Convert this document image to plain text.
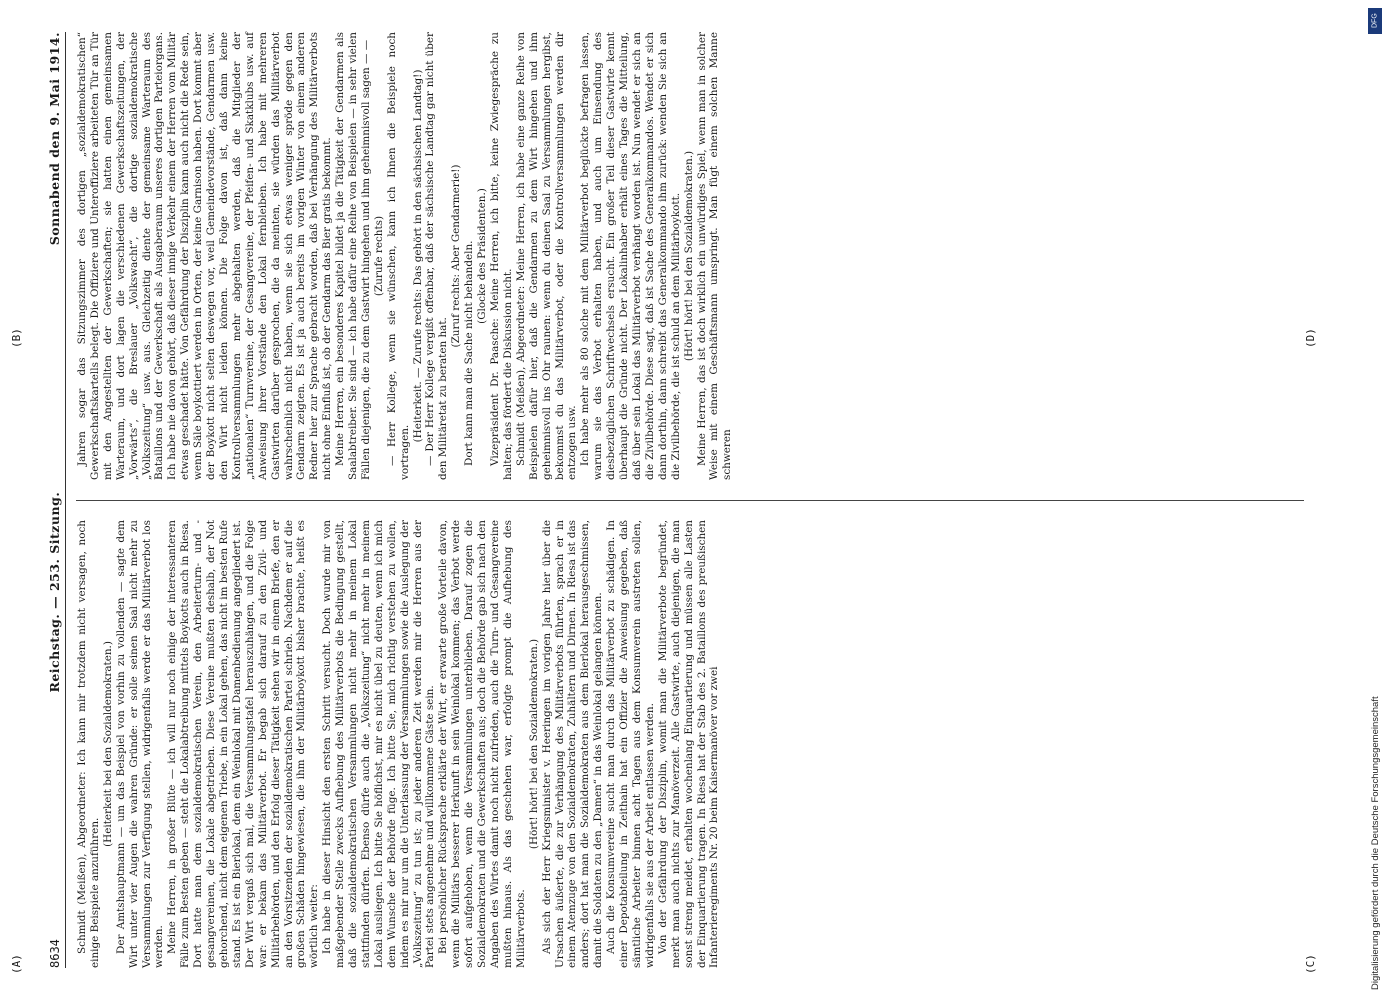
DFG
Digitalisierung gefördert durch die Deutsche Forschungsgemeinschaft
8634
Reichstag. — 253. Sitzung.
Sonnabend den 9. Mai 1914.

Schmidt (Meißen), Abgeordneter: Ich kann mir trotzdem nicht versagen, noch einige Beispiele anzuführen.

(Heiterkeit bei den Sozialdemokraten.) Der Amtshauptmann — um das Beispiel von vorhin zu vollenden — sagte dem Wirt unter vier Augen die wahren Gründe: er solle seinen Saal nicht mehr zu Versammlungen zur Verfügung stellen, widrigenfalls werde er das Militärverbot los werden. Meine Herren, in großer Blüte — ich will nur noch einige der interessanteren Fälle zum Besten geben — steht die Lokalabtreibung mittels Boykotts auch in Riesa. Dort hatte man dem sozialdemokratischen Verein, den Arbeiterturn- und -gesangvereinen, die Lokale abgetrieben. Diese Vereine mußten deshalb, der Not gehorchend, nicht dem eigenen Triebe, in ein Lokal gehen, das nicht im besten Rufe stand. Es ist ein Bierlokal, dem ein Weinlokal mit Damenbedienung angegliedert ist. Der Wirt vergaß sich mal, die Versammlungstafel herauszuhängen, und die Folge war: er bekam das Militärverbot. Er begab sich darauf zu den Zivil- und Militärbehörden, und den Erfolg dieser Tätigkeit sehen wir in einem Briefe, den er an den Vorsitzenden der sozialdemokratischen Partei schrieb. Nachdem er auf die großen Schäden hingewiesen, die ihm der Militärboykott bisher brachte, heißt es wörtlich weiter: Ich habe in dieser Hinsicht den ersten Schritt versucht. Doch wurde mir von maßgebender Stelle zwecks Aufhebung des Militärverbots die Bedingung gestellt, daß die sozialdemokratischen Versammlungen nicht mehr in meinem Lokal stattfinden dürfen. Ebenso dürfe auch die „Volkszeitung“ nicht mehr in meinem Lokal ausliegen. Ich bitte Sie höflichst, mir es nicht übel zu deuten, wenn ich mich dem Wunsche der Behörde füge. Ich bitte Sie, mich richtig verstehen zu wollen, indem es mir nur um die Unterlassung der Versammlungen sowie die Auslegung der „Volkszeitung“ zu tun ist; zu jeder anderen Zeit werden mir die Herren aus der Partei stets angenehme und willkommene Gäste sein. Bei persönlicher Rücksprache erklärte der Wirt, er erwarte große Vorteile davon, wenn die Militärs besserer Herkunft in sein Weinlokal kommen; das Verbot werde sofort aufgehoben, wenn die Versammlungen unterblieben. Darauf zogen die Sozialdemokraten und die Gewerkschaften aus; doch die Behörde gab sich nach den Angaben des Wirtes damit noch nicht zufrieden, auch die Turn- und Gesangvereine mußten hinaus. Als das geschehen war, erfolgte prompt die Aufhebung des Militärverbots.

(Hört! hört! bei den Sozialdemokraten.) Als sich der Herr Kriegsminister v. Heeringen im vorigen Jahre hier über die Ursachen äußerte, die zur Verhängung des Militärverbots führten, sprach er in einem Atemzuge von den Sozialdemokraten, Zuhältern und Dirnen. In Riesa ist das anders; dort hat man die Sozialdemokraten aus dem Bierlokal herausgeschmissen, damit die Soldaten zu den „Damen“ in das Weinlokal gelangen können. Auch die Konsumvereine sucht man durch das Militärverbot zu schädigen. In einer Depotabteilung in Zeithain hat ein Offizier die Anweisung gegeben, daß sämtliche Arbeiter binnen acht Tagen aus dem Konsumverein austreten sollen, widrigenfalls sie aus der Arbeit entlassen werden. Von der Gefährdung der Disziplin, womit man die Militärverbote begründet, merkt man auch nichts zur Manöverzeit. Alle Gastwirte, auch diejenigen, die man sonst streng meidet, erhalten wochenlang Einquartierung und müssen alle Lasten der Einquartierung tragen. In Riesa hat der Stab des 2. Bataillons des preußischen Infanterieregiments Nr. 20 beim Kaisermanöver vor zwei

Jahren sogar das Sitzungszimmer des dortigen „sozialdemokratischen“ Gewerkschaftskartells belegt. Die Offiziere und Unteroffiziere arbeiteten Tür an Tür mit den Angestellten der Gewerkschaften; sie hatten einen gemeinsamen Warteraum, und dort lagen die verschiedenen Gewerkschaftszeitungen, der „Vorwärts“, die Breslauer „Volkswacht“, die dortige sozialdemokratische „Volkszeitung“ usw. aus. Gleichzeitig diente der gemeinsame Warteraum des Bataillons und der Gewerkschaft als Ausgaberaum unseres dortigen Parteiorgans. Ich habe nie davon gehört, daß dieser innige Verkehr einem der Herren vom Militär etwas geschadet hätte. Von Gefährdung der Disziplin kann auch nicht die Rede sein, wenn Säle boykottiert werden in Orten, der keine Garnison haben. Dort kommt aber der Boykott nicht selten deswegen vor, weil Gemeindevorstände, Gendarmen usw. den Wirt nicht leiden können. Die Folge davon ist, daß dann keine Kontrollversammlungen mehr abgehalten werden, daß die Mitglieder der „nationalen“ Turnvereine, der Gesangvereine, der Pfeifen- und Skatklubs usw. auf Anweisung ihrer Vorstände den Lokal fernbleiben. Ich habe mit mehreren Gastwirten darüber gesprochen, die da meinten, sie würden das Militärverbot wahrscheinlich nicht haben, wenn sie sich etwas weniger spröde gegen den Gendarm zeigten. Es ist ja auch bereits im vorigen Winter von einem anderen Redner hier zur Sprache gebracht worden, daß bei Verhängung des Militärverbots nicht ohne Einfluß ist, ob der Gendarm das Bier gratis bekommt. Meine Herren, ein besonderes Kapitel bildet ja die Tätigkeit der Gendarmen als Saalabtreiber. Sie sind — ich habe dafür eine Reihe von Beispielen — in sehr vielen Fällen diejenigen, die zu dem Gastwirt hingehen und ihm geheimnisvoll sagen — — (Zurufe rechts) — Herr Kollege, wenn sie wünschen, kann ich Ihnen die Beispiele noch vortragen.

(Heiterkeit. — Zurufe rechts: Das gehört in den sächsischen Landtag!) — Der Herr Kollege vergißt offenbar, daß der sächsische Landtag gar nicht über den Militäretat zu beraten hat.

(Zuruf rechts: Aber Gendarmerie!) Dort kann man die Sache nicht behandeln. (Glocke des Präsidenten.) Vizepräsident Dr. Paasche: Meine Herren, ich bitte, keine Zwiegespräche zu halten; das fördert die Diskussion nicht. Schmidt (Meißen), Abgeordneter: Meine Herren, ich habe eine ganze Reihe von Beispielen dafür hier, daß die Gendarmen zu dem Wirt hingehen und ihm geheimnisvoll ins Ohr raunen: wenn du deinen Saal zu Versammlungen hergibst, bekommst du das Militärverbot, oder die Kontrollversammlungen werden dir entzogen usw. Ich habe mehr als 80 solche mit dem Militärverbot beglückte befragen lassen, warum sie das Verbot erhalten haben, und auch um Einsendung des diesbezüglichen Schriftwechsels ersucht. Ein großer Teil dieser Gastwirte kennt überhaupt die Gründe nicht. Der Lokalinhaber erhält eines Tages die Mitteilung, daß über sein Lokal das Militärverbot verhängt worden ist. Nun wendet er sich an die Zivilbehörde. Diese sagt, daß ist Sache des Generalkommandos. Wendet er sich dann dorthin, dann schreibt das Generalkommando ihm zurück: wenden Sie sich an die Zivilbehörde, die ist schuld an dem Militärboykott. (Hört! hört! bei den Sozialdemokraten.) Meine Herren, das ist doch wirklich ein unwürdiges Spiel, wenn man in solcher Weise mit einem Geschäftsmann umspringt. Man fügt einem solchen Manne schweren

(A)
(B)
(C)
(D)
